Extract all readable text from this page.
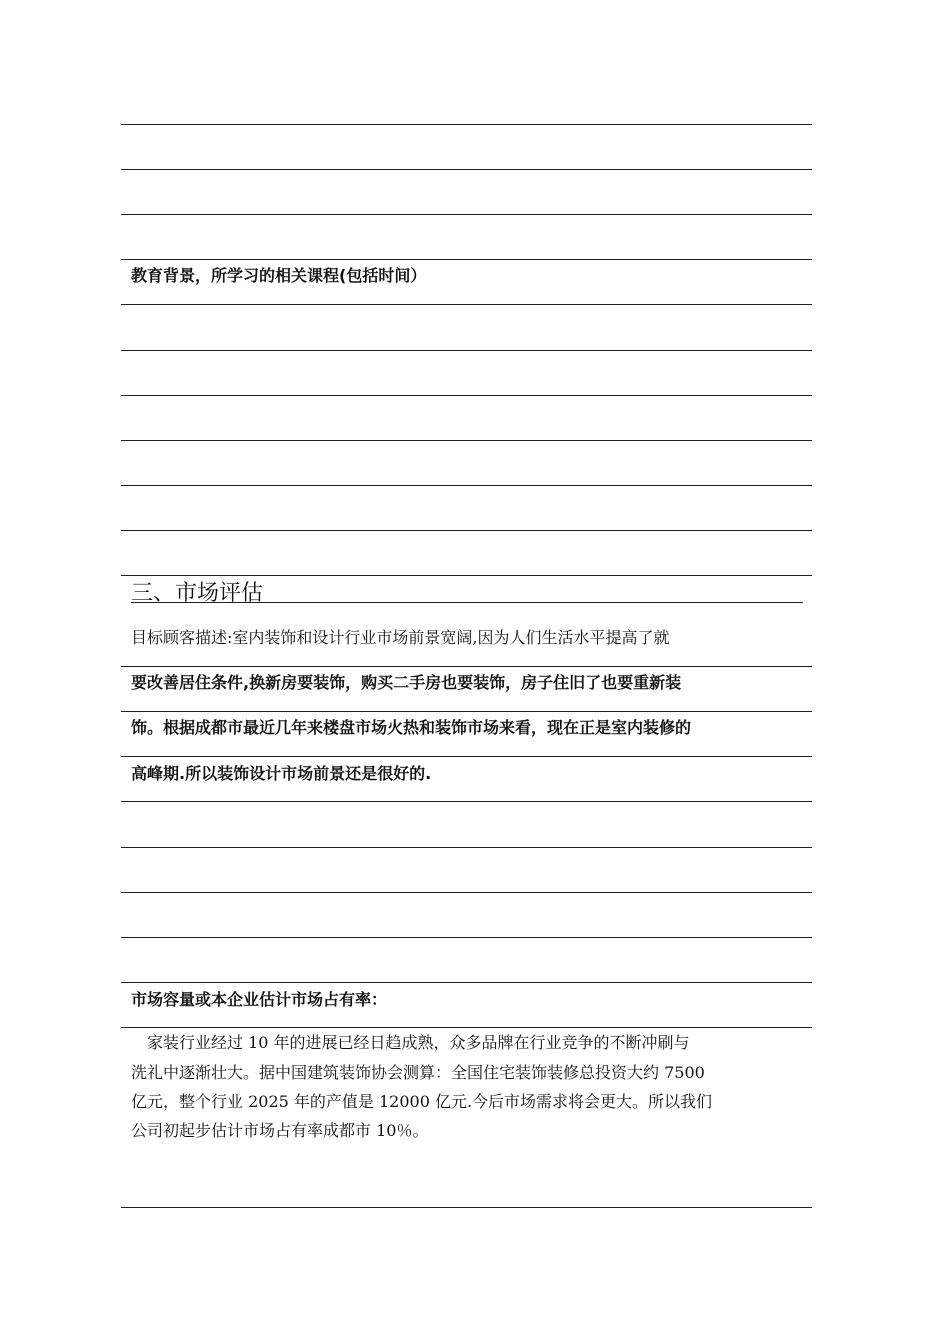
教育背景，所学习的相关课程(包括时间）
三、市场评估
目标顾客描述:室内装饰和设计行业市场前景宽阔,因为人们生活水平提高了就
要改善居住条件,换新房要装饰，购买二手房也要装饰，房子住旧了也要重新装
饰。根据成都市最近几年来楼盘市场火热和装饰市场来看，现在正是室内装修的
高峰期.所以装饰设计市场前景还是很好的.
市场容量或本企业估计市场占有率：
家装行业经过 10 年的进展已经日趋成熟，众多品牌在行业竞争的不断冲刷与
洗礼中逐渐壮大。据中国建筑装饰协会测算：全国住宅装饰装修总投资大约 7500
亿元，整个行业 2025 年的产值是 12000 亿元.今后市场需求将会更大。所以我们
公司初起步估计市场占有率成都市 10％。
